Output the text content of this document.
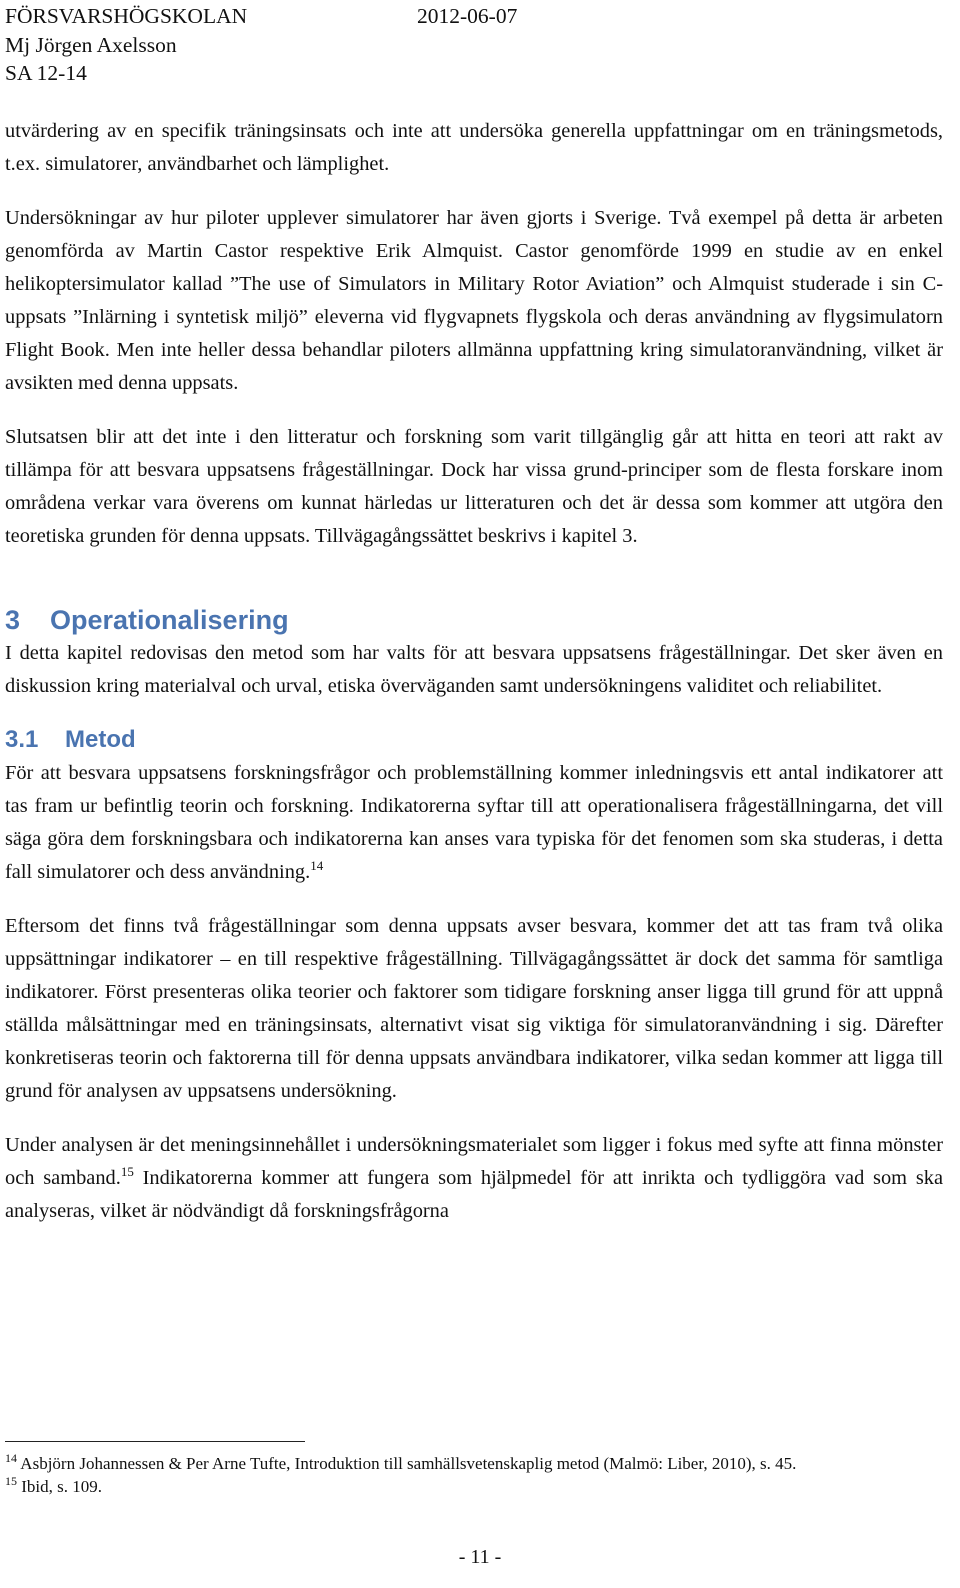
FÖRSVARSHÖGSKOLAN	2012-06-07
Mj Jörgen Axelsson
SA 12-14

utvärdering av en specifik träningsinsats och inte att undersöka generella uppfattningar om en träningsmetods, t.ex. simulatorer, användbarhet och lämplighet.

Undersökningar av hur piloter upplever simulatorer har även gjorts i Sverige. Två exempel på detta är arbeten genomförda av Martin Castor respektive Erik Almquist. Castor genomförde 1999 en studie av en enkel helikoptersimulator kallad ”The use of Simulators in Military Rotor Aviation” och Almquist studerade i sin C-uppsats ”Inlärning i syntetisk miljö” eleverna vid flygvapnets flygskola och deras användning av flygsimulatorn Flight Book. Men inte heller dessa behandlar piloters allmänna uppfattning kring simulatoranvändning, vilket är avsikten med denna uppsats.

Slutsatsen blir att det inte i den litteratur och forskning som varit tillgänglig går att hitta en teori att rakt av tillämpa för att besvara uppsatsens frågeställningar. Dock har vissa grund-principer som de flesta forskare inom områdena verkar vara överens om kunnat härledas ur litteraturen och det är dessa som kommer att utgöra den teoretiska grunden för denna uppsats. Tillvägagångssättet beskrivs i kapitel 3.

3 Operationalisering

I detta kapitel redovisas den metod som har valts för att besvara uppsatsens frågeställningar. Det sker även en diskussion kring materialval och urval, etiska överväganden samt undersökningens validitet och reliabilitet.

3.1 Metod

För att besvara uppsatsens forskningsfrågor och problemställning kommer inledningsvis ett antal indikatorer att tas fram ur befintlig teorin och forskning. Indikatorerna syftar till att operationalisera frågeställningarna, det vill säga göra dem forskningsbara och indikatorerna kan anses vara typiska för det fenomen som ska studeras, i detta fall simulatorer och dess användning.$^{14}$

Eftersom det finns två frågeställningar som denna uppsats avser besvara, kommer det att tas fram två olika uppsättningar indikatorer – en till respektive frågeställning. Tillvägagångssättet är dock det samma för samtliga indikatorer. Först presenteras olika teorier och faktorer som tidigare forskning anser ligga till grund för att uppnå ställda målsättningar med en träningsinsats, alternativt visat sig viktiga för simulatoranvändning i sig. Därefter konkretiseras teorin och faktorerna till för denna uppsats användbara indikatorer, vilka sedan kommer att ligga till grund för analysen av uppsatsens undersökning.

Under analysen är det meningsinnehållet i undersökningsmaterialet som ligger i fokus med syfte att finna mönster och samband.$^{15}$ Indikatorerna kommer att fungera som hjälpmedel för att inrikta och tydliggöra vad som ska analyseras, vilket är nödvändigt då forskningsfrågorna

$^{14}$ Asbjörn Johannessen & Per Arne Tufte, Introduktion till samhällsvetenskaplig metod (Malmö: Liber, 2010), s. 45.

$^{15}$ Ibid, s. 109.

- 11 -
